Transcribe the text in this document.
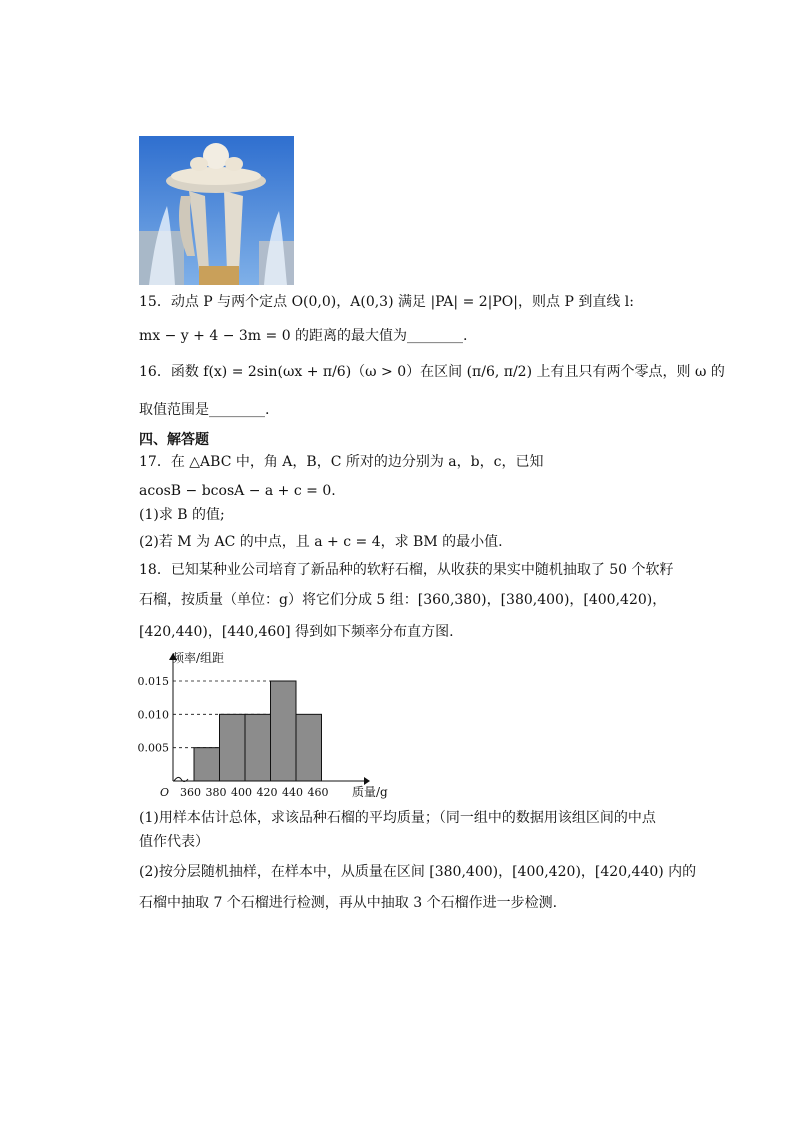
15．动点 P 与两个定点 O(0,0)，A(0,3) 满足 |PA| = 2|PO|，则点 P 到直线 l:
mx − y + 4 − 3m = 0 的距离的最大值为________.
16．函数 f(x) = 2sin(ωx + π/6)（ω > 0）在区间 (π/6, π/2) 上有且只有两个零点，则 ω 的
取值范围是________.
四、解答题
17．在 △ABC 中，角 A，B，C 所对的边分别为 a，b，c，已知
acosB − bcosA − a + c = 0.
(1)求 B 的值;
(2)若 M 为 AC 的中点，且 a + c = 4，求 BM 的最小值.
18．已知某种业公司培育了新品种的软籽石榴，从收获的果实中随机抽取了 50 个软籽
石榴，按质量（单位：g）将它们分成 5 组：[360,380)，[380,400)，[400,420)，
[420,440)，[440,460] 得到如下频率分布直方图.
0.005
0.010
0.015
360 380 400 420 440 460
O
频率/组距
质量/g
(1)用样本估计总体，求该品种石榴的平均质量；（同一组中的数据用该组区间的中点
值作代表）
(2)按分层随机抽样，在样本中，从质量在区间 [380,400)，[400,420)，[420,440) 内的
石榴中抽取 7 个石榴进行检测，再从中抽取 3 个石榴作进一步检测.
